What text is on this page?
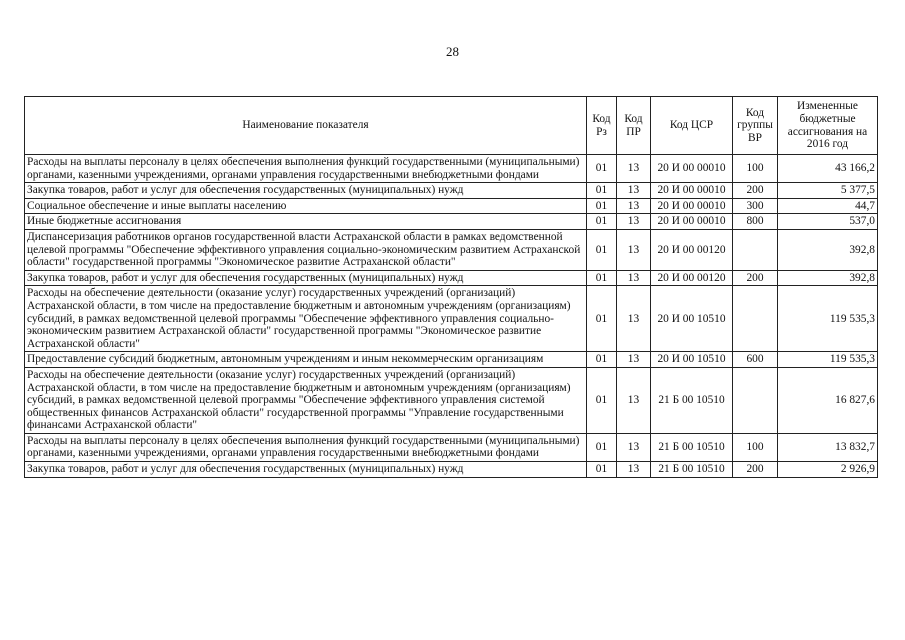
28
Наименование показателя	Код Рз	Код ПР	Код ЦСР	Код группы ВР	Измененные бюджетные ассигнования на 2016 год
Расходы на выплаты персоналу в целях обеспечения выполнения функций государственными (муниципальными) органами, казенными учреждениями, органами управления государственными внебюджетными фондами	01	13	20 И 00 00010	100	43 166,2
Закупка товаров, работ и услуг для обеспечения государственных (муниципальных) нужд	01	13	20 И 00 00010	200	5 377,5
Социальное обеспечение и иные выплаты населению	01	13	20 И 00 00010	300	44,7
Иные бюджетные ассигнования	01	13	20 И 00 00010	800	537,0
Диспансеризация работников органов государственной власти Астраханской области в рамках ведомственной целевой программы "Обеспечение эффективного управления социально-экономическим развитием Астраханской области" государственной программы "Экономическое развитие Астраханской области"	01	13	20 И 00 00120		392,8
Закупка товаров, работ и услуг для обеспечения государственных (муниципальных) нужд	01	13	20 И 00 00120	200	392,8
Расходы на обеспечение деятельности (оказание услуг) государственных учреждений (организаций) Астраханской области, в том числе на предоставление бюджетным и автономным учреждениям (организациям) субсидий, в рамках ведомственной целевой программы "Обеспечение эффективного управления социально-экономическим развитием Астраханской области" государственной программы "Экономическое развитие Астраханской области"	01	13	20 И 00 10510		119 535,3
Предоставление субсидий бюджетным, автономным учреждениям и иным некоммерческим организациям	01	13	20 И 00 10510	600	119 535,3
Расходы на обеспечение деятельности (оказание услуг) государственных учреждений (организаций) Астраханской области, в том числе на предоставление бюджетным и автономным учреждениям (организациям) субсидий, в рамках ведомственной целевой программы "Обеспечение эффективного управления системой общественных финансов Астраханской области" государственной программы "Управление государственными финансами Астраханской области"	01	13	21 Б 00 10510		16 827,6
Расходы на выплаты персоналу в целях обеспечения выполнения функций государственными (муниципальными) органами, казенными учреждениями, органами управления государственными внебюджетными фондами	01	13	21 Б 00 10510	100	13 832,7
Закупка товаров, работ и услуг для обеспечения государственных (муниципальных) нужд	01	13	21 Б 00 10510	200	2 926,9
